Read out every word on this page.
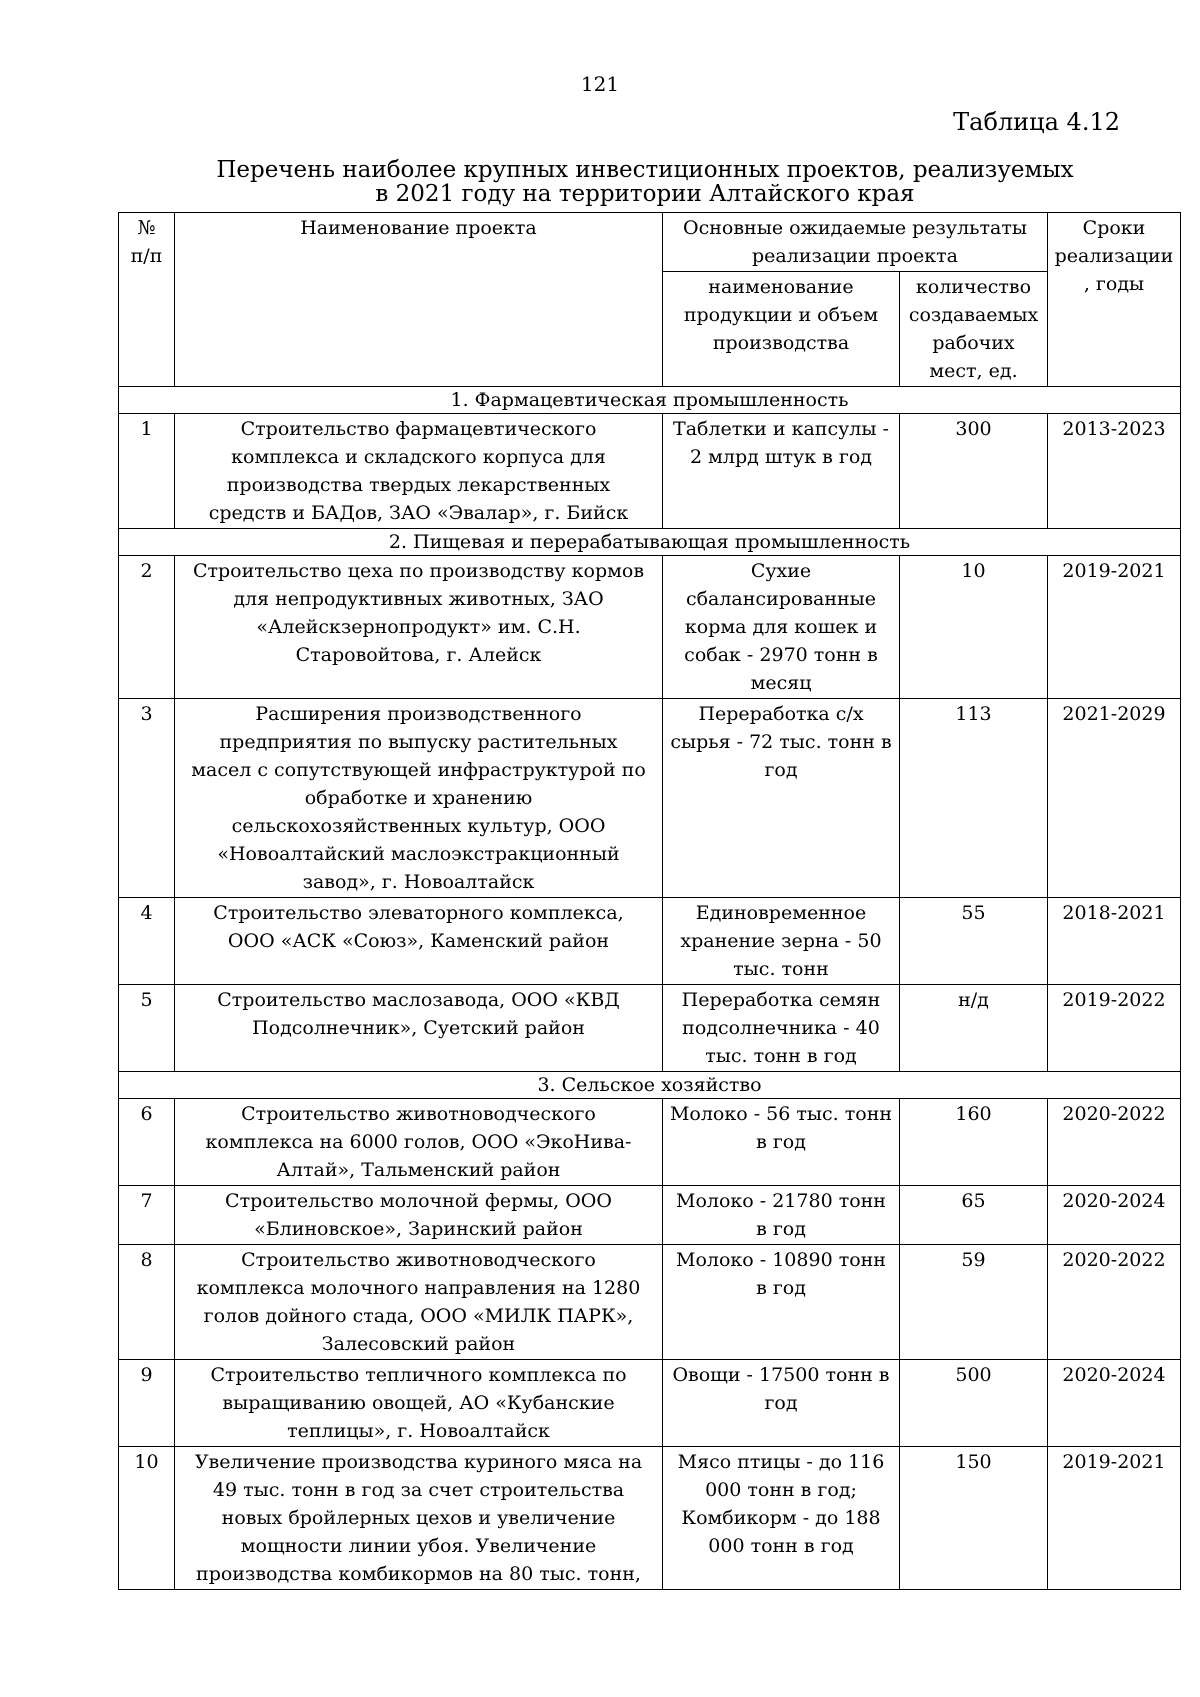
121
Таблица 4.12
Перечень наиболее крупных инвестиционных проектов, реализуемых
в 2021 году на территории Алтайского края
№ п/п	Наименование проекта	Основные ожидаемые результаты реализации проекта		Сроки реализации, годы
		наименование продукции и объем производства	количество создаваемых рабочих мест, ед.	
1. Фармацевтическая промышленность				
1	Строительство фармацевтического комплекса и складского корпуса для производства твердых лекарственных средств и БАДов, ЗАО «Эвалар», г. Бийск	Таблетки и капсулы - 2 млрд штук в год	300	2013-2023
2. Пищевая и перерабатывающая промышленность				
2	Строительство цеха по производству кормов для непродуктивных животных, ЗАО «Алейскзернопродукт» им. С.Н. Старовойтова, г. Алейск	Сухие сбалансированные корма для кошек и собак - 2970 тонн в месяц	10	2019-2021
3	Расширения производственного предприятия по выпуску растительных масел с сопутствующей инфраструктурой по обработке и хранению сельскохозяйственных культур, ООО «Новоалтайский маслоэкстракционный завод», г. Новоалтайск	Переработка с/х сырья - 72 тыс. тонн в год	113	2021-2029
4	Строительство элеваторного комплекса, ООО «АСК «Союз», Каменский район	Единовременное хранение зерна - 50 тыс. тонн	55	2018-2021
5	Строительство маслозавода, ООО «КВД Подсолнечник», Суетский район	Переработка семян подсолнечника - 40 тыс. тонн в год	н/д	2019-2022
3. Сельское хозяйство				
6	Строительство животноводческого комплекса на 6000 голов, ООО «ЭкоНива-Алтай», Тальменский район	Молоко - 56 тыс. тонн в год	160	2020-2022
7	Строительство молочной фермы, ООО «Блиновское», Заринский район	Молоко - 21780 тонн в год	65	2020-2024
8	Строительство животноводческого комплекса молочного направления на 1280 голов дойного стада, ООО «МИЛК ПАРК», Залесовский район	Молоко - 10890 тонн в год	59	2020-2022
9	Строительство тепличного комплекса по выращиванию овощей, АО «Кубанские теплицы», г. Новоалтайск	Овощи - 17500 тонн в год	500	2020-2024
10	Увеличение производства куриного мяса на 49 тыс. тонн в год за счет строительства новых бройлерных цехов и увеличение мощности линии убоя. Увеличение производства комбикормов на 80 тыс. тонн,	Мясо птицы - до 116 000 тонн в год; Комбикорм - до 188 000 тонн в год	150	2019-2021
